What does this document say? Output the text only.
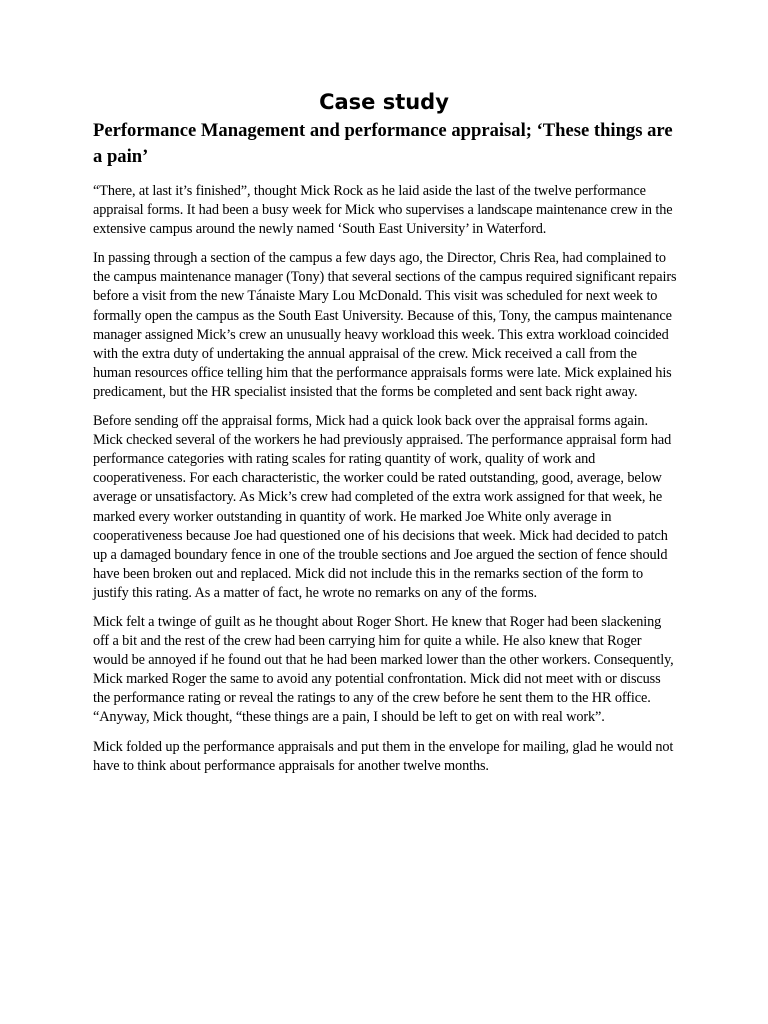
Case study
Performance Management and performance appraisal; ‘These things are a pain’

“There, at last it’s finished”, thought Mick Rock as he laid aside the last of the twelve performance appraisal forms. It had been a busy week for Mick who supervises a landscape maintenance crew in the extensive campus around the newly named ‘South East University’ in Waterford.

In passing through a section of the campus a few days ago, the Director, Chris Rea, had complained to the campus maintenance manager (Tony) that several sections of the campus required significant repairs before a visit from the new Tánaiste Mary Lou McDonald. This visit was scheduled for next week to formally open the campus as the South East University. Because of this, Tony, the campus maintenance manager assigned Mick’s crew an unusually heavy workload this week. This extra workload coincided with the extra duty of undertaking the annual appraisal of the crew. Mick received a call from the human resources office telling him that the performance appraisals forms were late. Mick explained his predicament, but the HR specialist insisted that the forms be completed and sent back right away.

Before sending off the appraisal forms, Mick had a quick look back over the appraisal forms again. Mick checked several of the workers he had previously appraised. The performance appraisal form had performance categories with rating scales for rating quantity of work, quality of work and cooperativeness. For each characteristic, the worker could be rated outstanding, good, average, below average or unsatisfactory. As Mick’s crew had completed of the extra work assigned for that week, he marked every worker outstanding in quantity of work. He marked Joe White only average in cooperativeness because Joe had questioned one of his decisions that week. Mick had decided to patch up a damaged boundary fence in one of the trouble sections and Joe argued the section of fence should have been broken out and replaced. Mick did not include this in the remarks section of the form to justify this rating. As a matter of fact, he wrote no remarks on any of the forms.

Mick felt a twinge of guilt as he thought about Roger Short. He knew that Roger had been slackening off a bit and the rest of the crew had been carrying him for quite a while. He also knew that Roger would be annoyed if he found out that he had been marked lower than the other workers. Consequently, Mick marked Roger the same to avoid any potential confrontation. Mick did not meet with or discuss the performance rating or reveal the ratings to any of the crew before he sent them to the HR office. “Anyway, Mick thought, “these things are a pain, I should be left to get on with real work”.

Mick folded up the performance appraisals and put them in the envelope for mailing, glad he would not have to think about performance appraisals for another twelve months.
